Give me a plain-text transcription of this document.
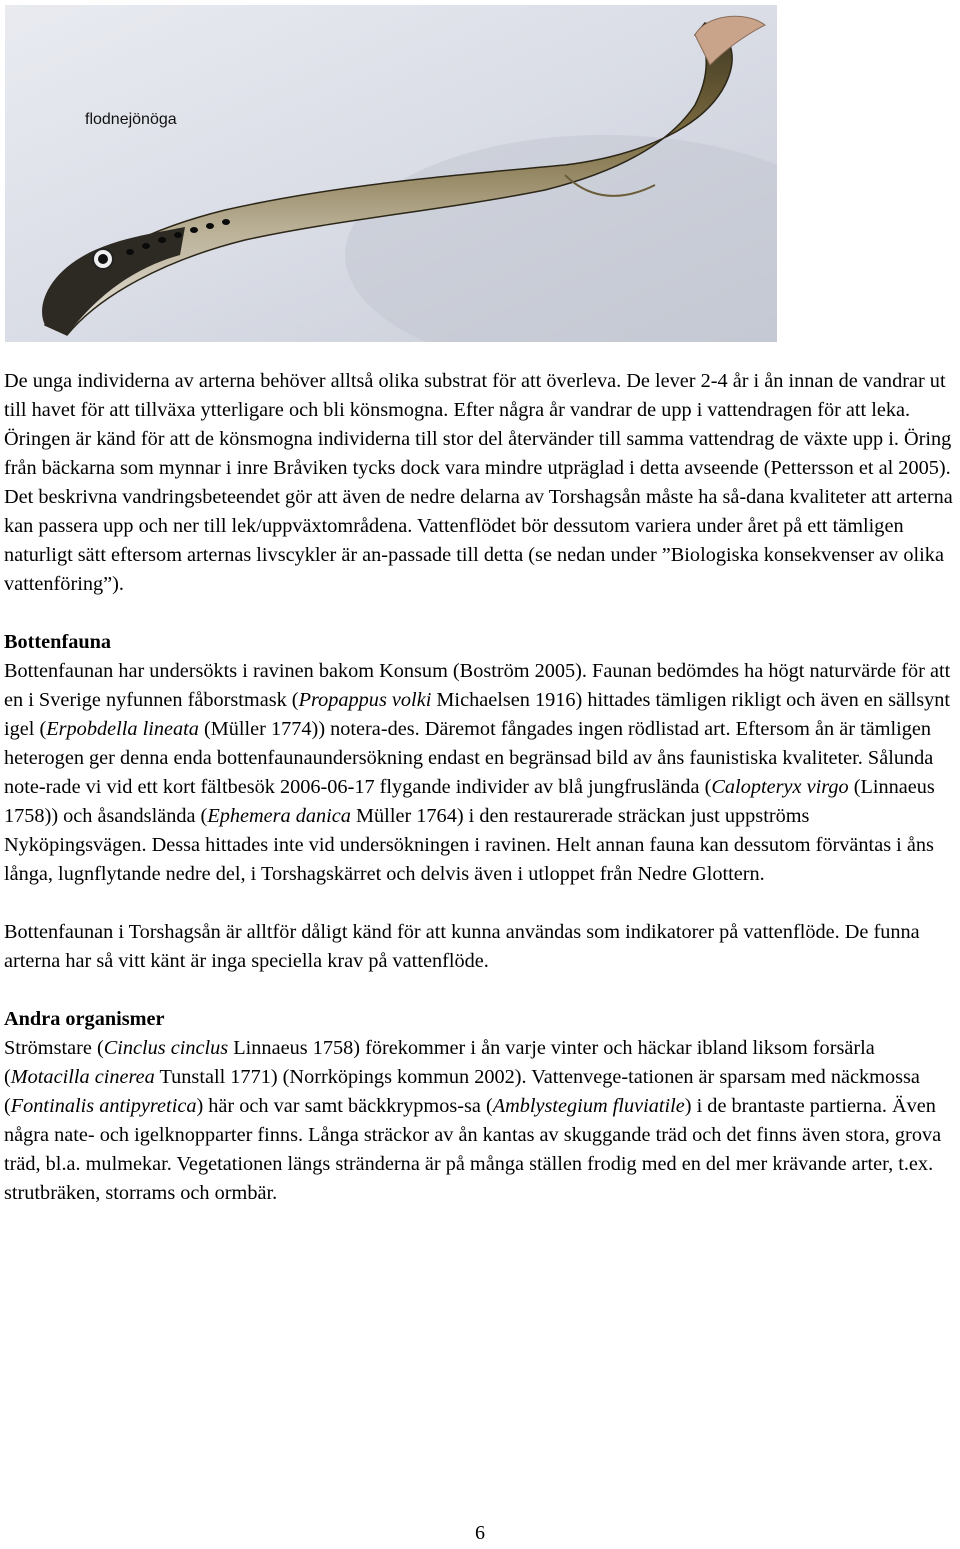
flodnejönöga

De unga individerna av arterna behöver alltså olika substrat för att överleva. De lever 2-4 år i ån innan de vandrar ut till havet för att tillväxa ytterligare och bli könsmogna. Efter några år vandrar de upp i vattendragen för att leka. Öringen är känd för att de könsmogna individerna till stor del återvänder till samma vattendrag de växte upp i. Öring från bäckarna som mynnar i inre Bråviken tycks dock vara mindre utpräglad i detta avseende (Pettersson et al 2005). Det beskrivna vandringsbeteendet gör att även de nedre delarna av Torshagsån måste ha så-dana kvaliteter att arterna kan passera upp och ner till lek/uppväxtområdena. Vattenflödet bör dessutom variera under året på ett tämligen naturligt sätt eftersom arternas livscykler är an-passade till detta (se nedan under ”Biologiska konsekvenser av olika vattenföring”).

Bottenfauna

Bottenfaunan har undersökts i ravinen bakom Konsum (Boström 2005). Faunan bedömdes ha högt naturvärde för att en i Sverige nyfunnen fåborstmask (Propappus volki Michaelsen 1916) hittades tämligen rikligt och även en sällsynt igel (Erpobdella lineata (Müller 1774)) notera-des. Däremot fångades ingen rödlistad art. Eftersom ån är tämligen heterogen ger denna enda bottenfaunaundersökning endast en begränsad bild av åns faunistiska kvaliteter. Sålunda note-rade vi vid ett kort fältbesök 2006-06-17 flygande individer av blå jungfrusländа (Calopteryx virgo (Linnaeus 1758)) och åsandsländа (Ephemera danica Müller 1764) i den restaurerade sträckan just uppströms Nyköpingsvägen. Dessa hittades inte vid undersökningen i ravinen. Helt annan fauna kan dessutom förväntas i åns långa, lugnflytande nedre del, i Torshagskärret och delvis även i utloppet från Nedre Glottern.

Bottenfaunan i Torshagsån är alltför dåligt känd för att kunna användas som indikatorer på vattenflöde. De funna arterna har så vitt känt är inga speciella krav på vattenflöde.

Andra organismer

Strömstare (Cinclus cinclus Linnaeus 1758) förekommer i ån varje vinter och häckar ibland liksom forsärla (Motacilla cinerea Tunstall 1771) (Norrköpings kommun 2002). Vattenvege-tationen är sparsam med näckmossa (Fontinalis antipyretica) här och var samt bäckkrypmos-sa (Amblystegium fluviatile) i de brantaste partierna. Även några nate- och igelknopparter finns. Långa sträckor av ån kantas av skuggande träd och det finns även stora, grova träd, bl.a. mulmekar. Vegetationen längs stränderna är på många ställen frodig med en del mer krävande arter, t.ex. strutbräken, storrams och ormbär.

6
